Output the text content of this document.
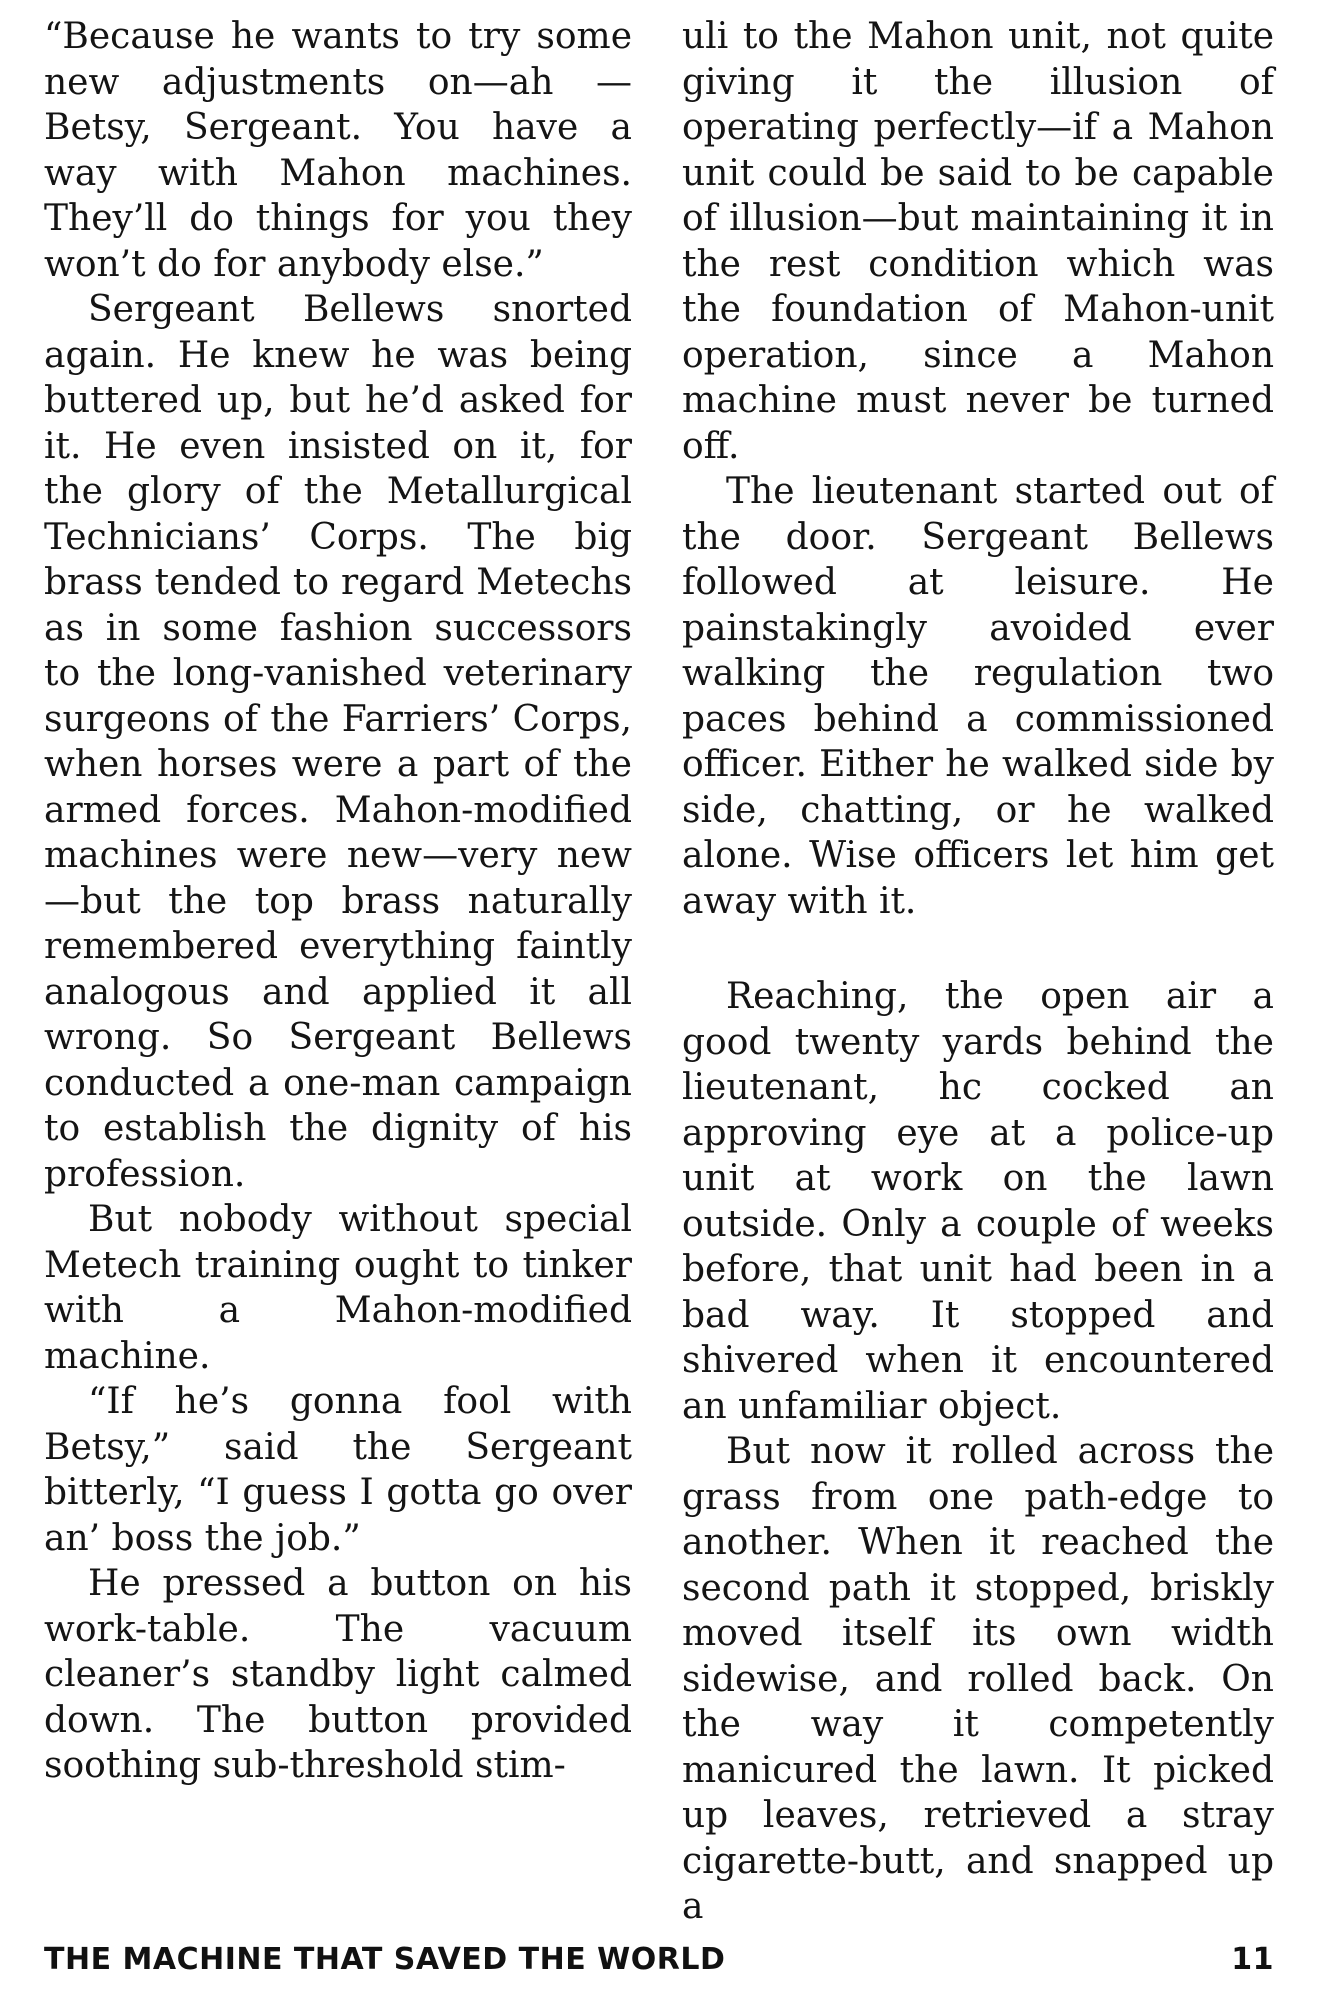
“Because he wants to try some new adjustments on—ah — Betsy, Sergeant. You have a way with Mahon machines. They’ll do things for you they won’t do for anybody else.”

Sergeant Bellews snorted again. He knew he was being buttered up, but he’d asked for it. He even insisted on it, for the glory of the Metallurgical Technicians’ Corps. The big brass tended to regard Metechs as in some fashion successors to the long-vanished veterinary surgeons of the Farriers’ Corps, when horses were a part of the armed forces. Mahon-modified machines were new—very new—but the top brass naturally remembered everything faintly analogous and applied it all wrong. So Sergeant Bellews conducted a one-man campaign to establish the dignity of his profession.

But nobody without special Metech training ought to tinker with a Mahon-modified machine.

“If he’s gonna fool with Betsy,” said the Sergeant bitterly, “I guess I gotta go over an’ boss the job.”

He pressed a button on his work-table. The vacuum cleaner’s standby light calmed down. The button provided soothing sub-threshold stim-

uli to the Mahon unit, not quite giving it the illusion of operating perfectly—if a Mahon unit could be said to be capable of illusion—but maintaining it in the rest condition which was the foundation of Mahon-unit operation, since a Mahon machine must never be turned off.

The lieutenant started out of the door. Sergeant Bellews followed at leisure. He painstakingly avoided ever walking the regulation two paces behind a commissioned officer. Either he walked side by side, chatting, or he walked alone. Wise officers let him get away with it.

Reaching, the open air a good twenty yards behind the lieutenant, hc cocked an approving eye at a police-up unit at work on the lawn outside. Only a couple of weeks before, that unit had been in a bad way. It stopped and shivered when it encountered an unfamiliar object.

But now it rolled across the grass from one path-edge to another. When it reached the second path it stopped, briskly moved itself its own width sidewise, and rolled back. On the way it competently manicured the lawn. It picked up leaves, retrieved a stray cigarette-butt, and snapped up a

THE MACHINE THAT SAVED THE WORLD	11
